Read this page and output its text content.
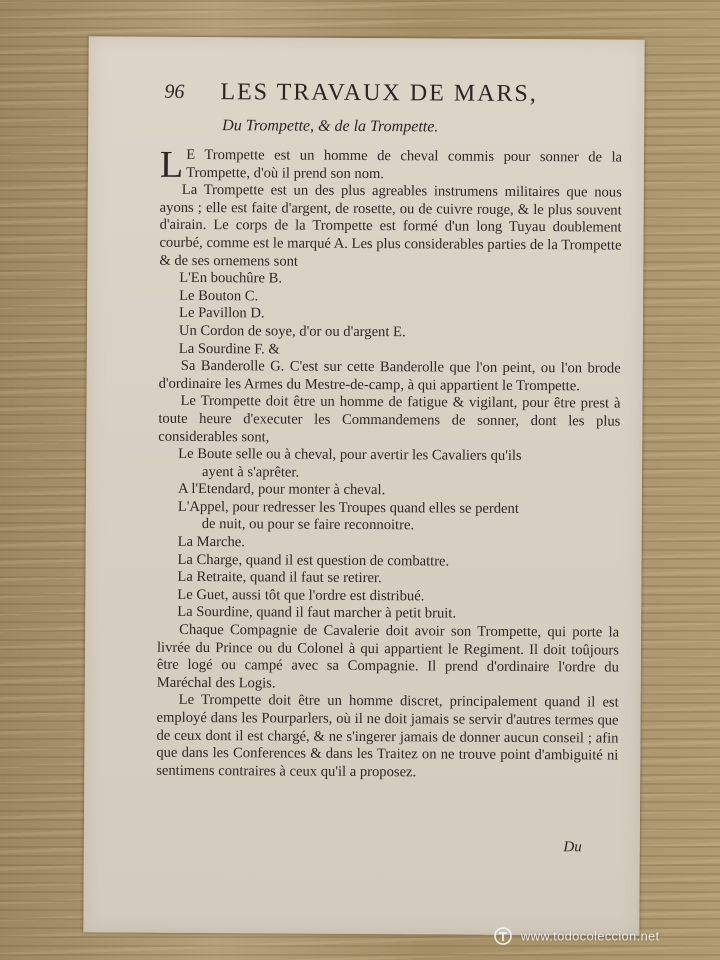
96 LES TRAVAUX DE MARS,
Du Trompette, & de la Trompette.

L E Trompette est un homme de cheval commis pour sonner de la Trompette, d'où il prend son nom.

La Trompette est un des plus agreables instrumens militaires que nous ayons ; elle est faite d'argent, de rosette, ou de cuivre rouge, & le plus souvent d'airain. Le corps de la Trompette est formé d'un long Tuyau doublement courbé, comme est le marqué A. Les plus considerables parties de la Trompette & de ses ornemens sont

L'En bouchûre B.

Le Bouton C.

Le Pavillon D.

Un Cordon de soye, d'or ou d'argent E.

La Sourdine F. &

Sa Banderolle G. C'est sur cette Banderolle que l'on peint, ou l'on brode d'ordinaire les Armes du Mestre-de-camp, à qui appartient le Trompette.

Le Trompette doit être un homme de fatigue & vigilant, pour être prest à toute heure d'executer les Commandemens de sonner, dont les plus considerables sont,

Le Boute selle ou à cheval, pour avertir les Cavaliers qu'ils

ayent à s'aprêter.

A l'Etendard, pour monter à cheval.

L'Appel, pour redresser les Troupes quand elles se perdent

de nuit, ou pour se faire reconnoitre.

La Marche.

La Charge, quand il est question de combattre.

La Retraite, quand il faut se retirer.

Le Guet, aussi tôt que l'ordre est distribué.

La Sourdine, quand il faut marcher à petit bruit.

Chaque Compagnie de Cavalerie doit avoir son Trompette, qui porte la livrée du Prince ou du Colonel à qui appartient le Regiment. Il doit toûjours être logé ou campé avec sa Compagnie. Il prend d'ordinaire l'ordre du Maréchal des Logis.

Le Trompette doit être un homme discret, principalement quand il est employé dans les Pourparlers, où il ne doit jamais se servir d'autres termes que de ceux dont il est chargé, & ne s'ingerer jamais de donner aucun conseil ; afin que dans les Conferences & dans les Traitez on ne trouve point d'ambiguité ni sentimens contraires à ceux qu'il a proposez.

Du
www.todocoleccion.net
